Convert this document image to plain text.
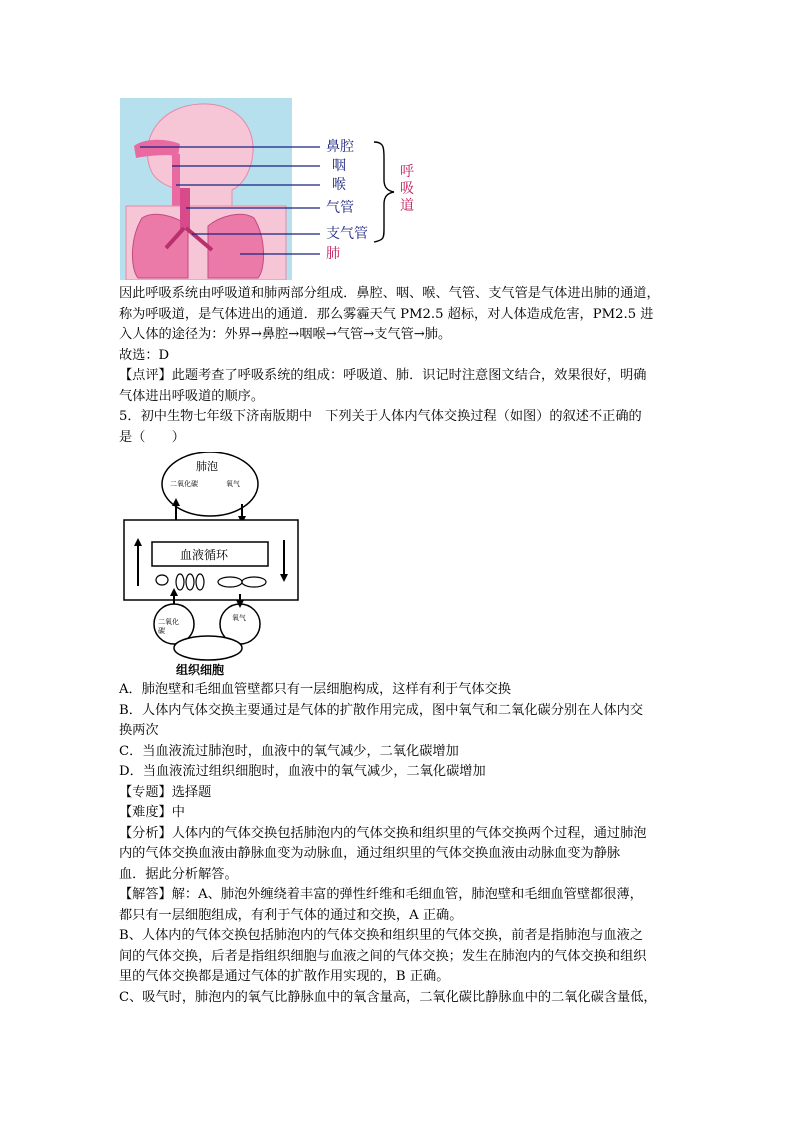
鼻腔
咽
喉
气管
支气管
肺
呼
吸
道

因此呼吸系统由呼吸道和肺两部分组成．鼻腔、咽、喉、气管、支气管是气体进出肺的通道，

称为呼吸道，是气体进出的通道．那么雾霾天气 PM2.5 超标，对人体造成危害，PM2.5 进

入人体的途径为：外界→鼻腔→咽喉→气管→支气管→肺。

故选：D

【点评】此题考查了呼吸系统的组成：呼吸道、肺．识记时注意图文结合，效果很好，明确

气体进出呼吸道的顺序。

5．初中生物七年级下济南版期中　下列关于人体内气体交换过程（如图）的叙述不正确的

是（　　）

肺泡
二氧化碳	氧气
血液循环
二氧化
碳
氧气
组织细胞

A．肺泡壁和毛细血管壁都只有一层细胞构成，这样有利于气体交换

B．人体内气体交换主要通过是气体的扩散作用完成，图中氧气和二氧化碳分别在人体内交

换两次

C．当血液流过肺泡时，血液中的氧气减少，二氧化碳增加

D．当血液流过组织细胞时，血液中的氧气减少，二氧化碳增加

【专题】选择题

【难度】中

【分析】人体内的气体交换包括肺泡内的气体交换和组织里的气体交换两个过程，通过肺泡

内的气体交换血液由静脉血变为动脉血，通过组织里的气体交换血液由动脉血变为静脉

血．据此分析解答。

【解答】解：A、肺泡外缠绕着丰富的弹性纤维和毛细血管，肺泡壁和毛细血管壁都很薄，

都只有一层细胞组成，有利于气体的通过和交换，A 正确。

B、人体内的气体交换包括肺泡内的气体交换和组织里的气体交换，前者是指肺泡与血液之

间的气体交换，后者是指组织细胞与血液之间的气体交换；发生在肺泡内的气体交换和组织

里的气体交换都是通过气体的扩散作用实现的，B 正确。

C、吸气时，肺泡内的氧气比静脉血中的氧含量高，二氧化碳比静脉血中的二氧化碳含量低，
